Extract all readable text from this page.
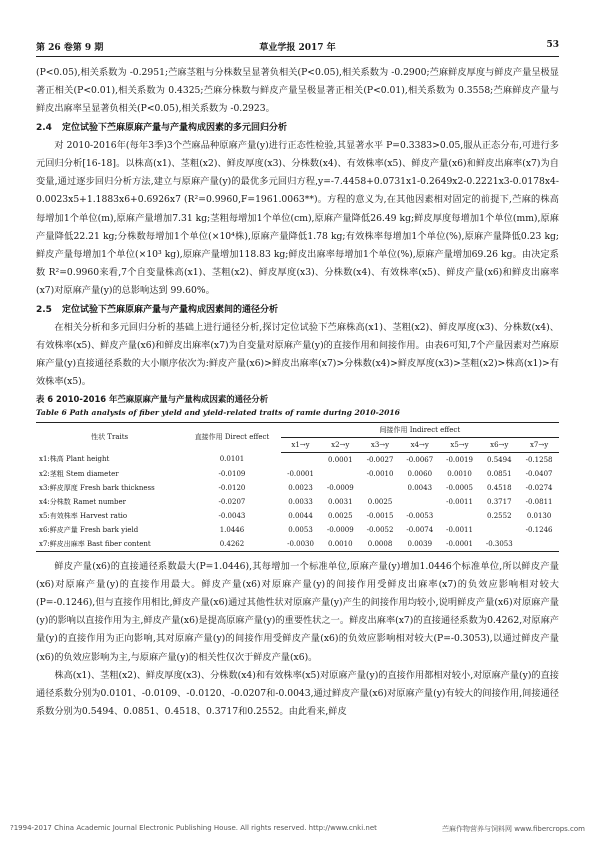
第 26 卷第 9 期	草业学报 2017 年	53

(P<0.05),相关系数为 -0.2951;苎麻茎粗与分株数呈显著负相关(P<0.05),相关系数为 -0.2900;苎麻鲜皮厚度与鲜皮产量呈极显著正相关(P<0.01),相关系数为 0.4325;苎麻分株数与鲜皮产量呈极显著正相关(P<0.01),相关系数为 0.3558;苎麻鲜皮产量与鲜皮出麻率呈显著负相关(P<0.05),相关系数为 -0.2923。

2.4 定位试验下苎麻原麻产量与产量构成因素的多元回归分析

对 2010-2016年(每年3季)3个苎麻品种原麻产量(y)进行正态性检验,其显著水平 P=0.3383>0.05,服从正态分布,可进行多元回归分析[16-18]。以株高(x1)、茎粗(x2)、鲜皮厚度(x3)、分株数(x4)、有效株率(x5)、鲜皮产量(x6)和鲜皮出麻率(x7)为自变量,通过逐步回归分析方法,建立与原麻产量(y)的最优多元回归方程,y=-7.4458+0.0731x1-0.2649x2-0.2221x3-0.0178x4-0.0023x5+1.1883x6+0.6926x7 (R²=0.9960,F=1961.0063**)。方程的意义为,在其他因素相对固定的前提下,苎麻的株高每增加1个单位(m),原麻产量增加7.31 kg;茎粗每增加1个单位(cm),原麻产量降低26.49 kg;鲜皮厚度每增加1个单位(mm),原麻产量降低22.21 kg;分株数每增加1个单位(×10⁴株),原麻产量降低1.78 kg;有效株率每增加1个单位(%),原麻产量降低0.23 kg;鲜皮产量每增加1个单位(×10³ kg),原麻产量增加118.83 kg;鲜皮出麻率每增加1个单位(%),原麻产量增加69.26 kg。由决定系数 R²=0.9960来看,7个自变量株高(x1)、茎粗(x2)、鲜皮厚度(x3)、分株数(x4)、有效株率(x5)、鲜皮产量(x6)和鲜皮出麻率(x7)对原麻产量(y)的总影响达到 99.60%。

2.5 定位试验下苎麻原麻产量与产量构成因素间的通径分析

在相关分析和多元回归分析的基础上进行通径分析,探讨定位试验下苎麻株高(x1)、茎粗(x2)、鲜皮厚度(x3)、分株数(x4)、有效株率(x5)、鲜皮产量(x6)和鲜皮出麻率(x7)为自变量对原麻产量(y)的直接作用和间接作用。由表6可知,7个产量因素对苎麻原麻产量(y)直接通径系数的大小顺序依次为:鲜皮产量(x6)>鲜皮出麻率(x7)>分株数(x4)>鲜皮厚度(x3)>茎粗(x2)>株高(x1)>有效株率(x5)。

表 6 2010-2016 年苎麻原麻产量与产量构成因素的通径分析

Table 6 Path analysis of fiber yield and yield-related traits of ramie during 2010-2016

性状 Traits	直接作用 Direct effect	间接作用 Indirect effect						
		x1→y	x2→y	x3→y	x4→y	x5→y	x6→y	x7→y
x1:株高 Plant height	0.0101		0.0001	-0.0027	-0.0067	-0.0019	0.5494	-0.1258
x2:茎粗 Stem diameter	-0.0109	-0.0001		-0.0010	0.0060	0.0010	0.0851	-0.0407
x3:鲜皮厚度 Fresh bark thickness	-0.0120	0.0023	-0.0009		0.0043	-0.0005	0.4518	-0.0274
x4:分株数 Ramet number	-0.0207	0.0033	0.0031	0.0025		-0.0011	0.3717	-0.0811
x5:有效株率 Harvest ratio	-0.0043	0.0044	0.0025	-0.0015	-0.0053		0.2552	0.0130
x6:鲜皮产量 Fresh bark yield	1.0446	0.0053	-0.0009	-0.0052	-0.0074	-0.0011		-0.1246
x7:鲜皮出麻率 Bast fiber content	0.4262	-0.0030	0.0010	0.0008	0.0039	-0.0001	-0.3053	

鲜皮产量(x6)的直接通径系数最大(P=1.0446),其每增加一个标准单位,原麻产量(y)增加1.0446个标准单位,所以鲜皮产量(x6)对原麻产量(y)的直接作用最大。鲜皮产量(x6)对原麻产量(y)的间接作用受鲜皮出麻率(x7)的负效应影响相对较大(P=-0.1246),但与直接作用相比,鲜皮产量(x6)通过其他性状对原麻产量(y)产生的间接作用均较小,说明鲜皮产量(x6)对原麻产量(y)的影响以直接作用为主,鲜皮产量(x6)是提高原麻产量(y)的重要性状之一。鲜皮出麻率(x7)的直接通径系数为0.4262,对原麻产量(y)的直接作用为正向影响,其对原麻产量(y)的间接作用受鲜皮产量(x6)的负效应影响相对较大(P=-0.3053),以通过鲜皮产量(x6)的负效应影响为主,与原麻产量(y)的相关性仅次于鲜皮产量(x6)。

株高(x1)、茎粗(x2)、鲜皮厚度(x3)、分株数(x4)和有效株率(x5)对原麻产量(y)的直接作用都相对较小,对原麻产量(y)的直接通径系数分别为0.0101、-0.0109、-0.0120、-0.0207和-0.0043,通过鲜皮产量(x6)对原麻产量(y)有较大的间接作用,间接通径系数分别为0.5494、0.0851、0.4518、0.3717和0.2552。由此看来,鲜皮

?1994-2017 China Academic Journal Electronic Publishing House. All rights reserved. http://www.cnki.net	苎麻作物营养与饲料网 www.fibercrops.com
